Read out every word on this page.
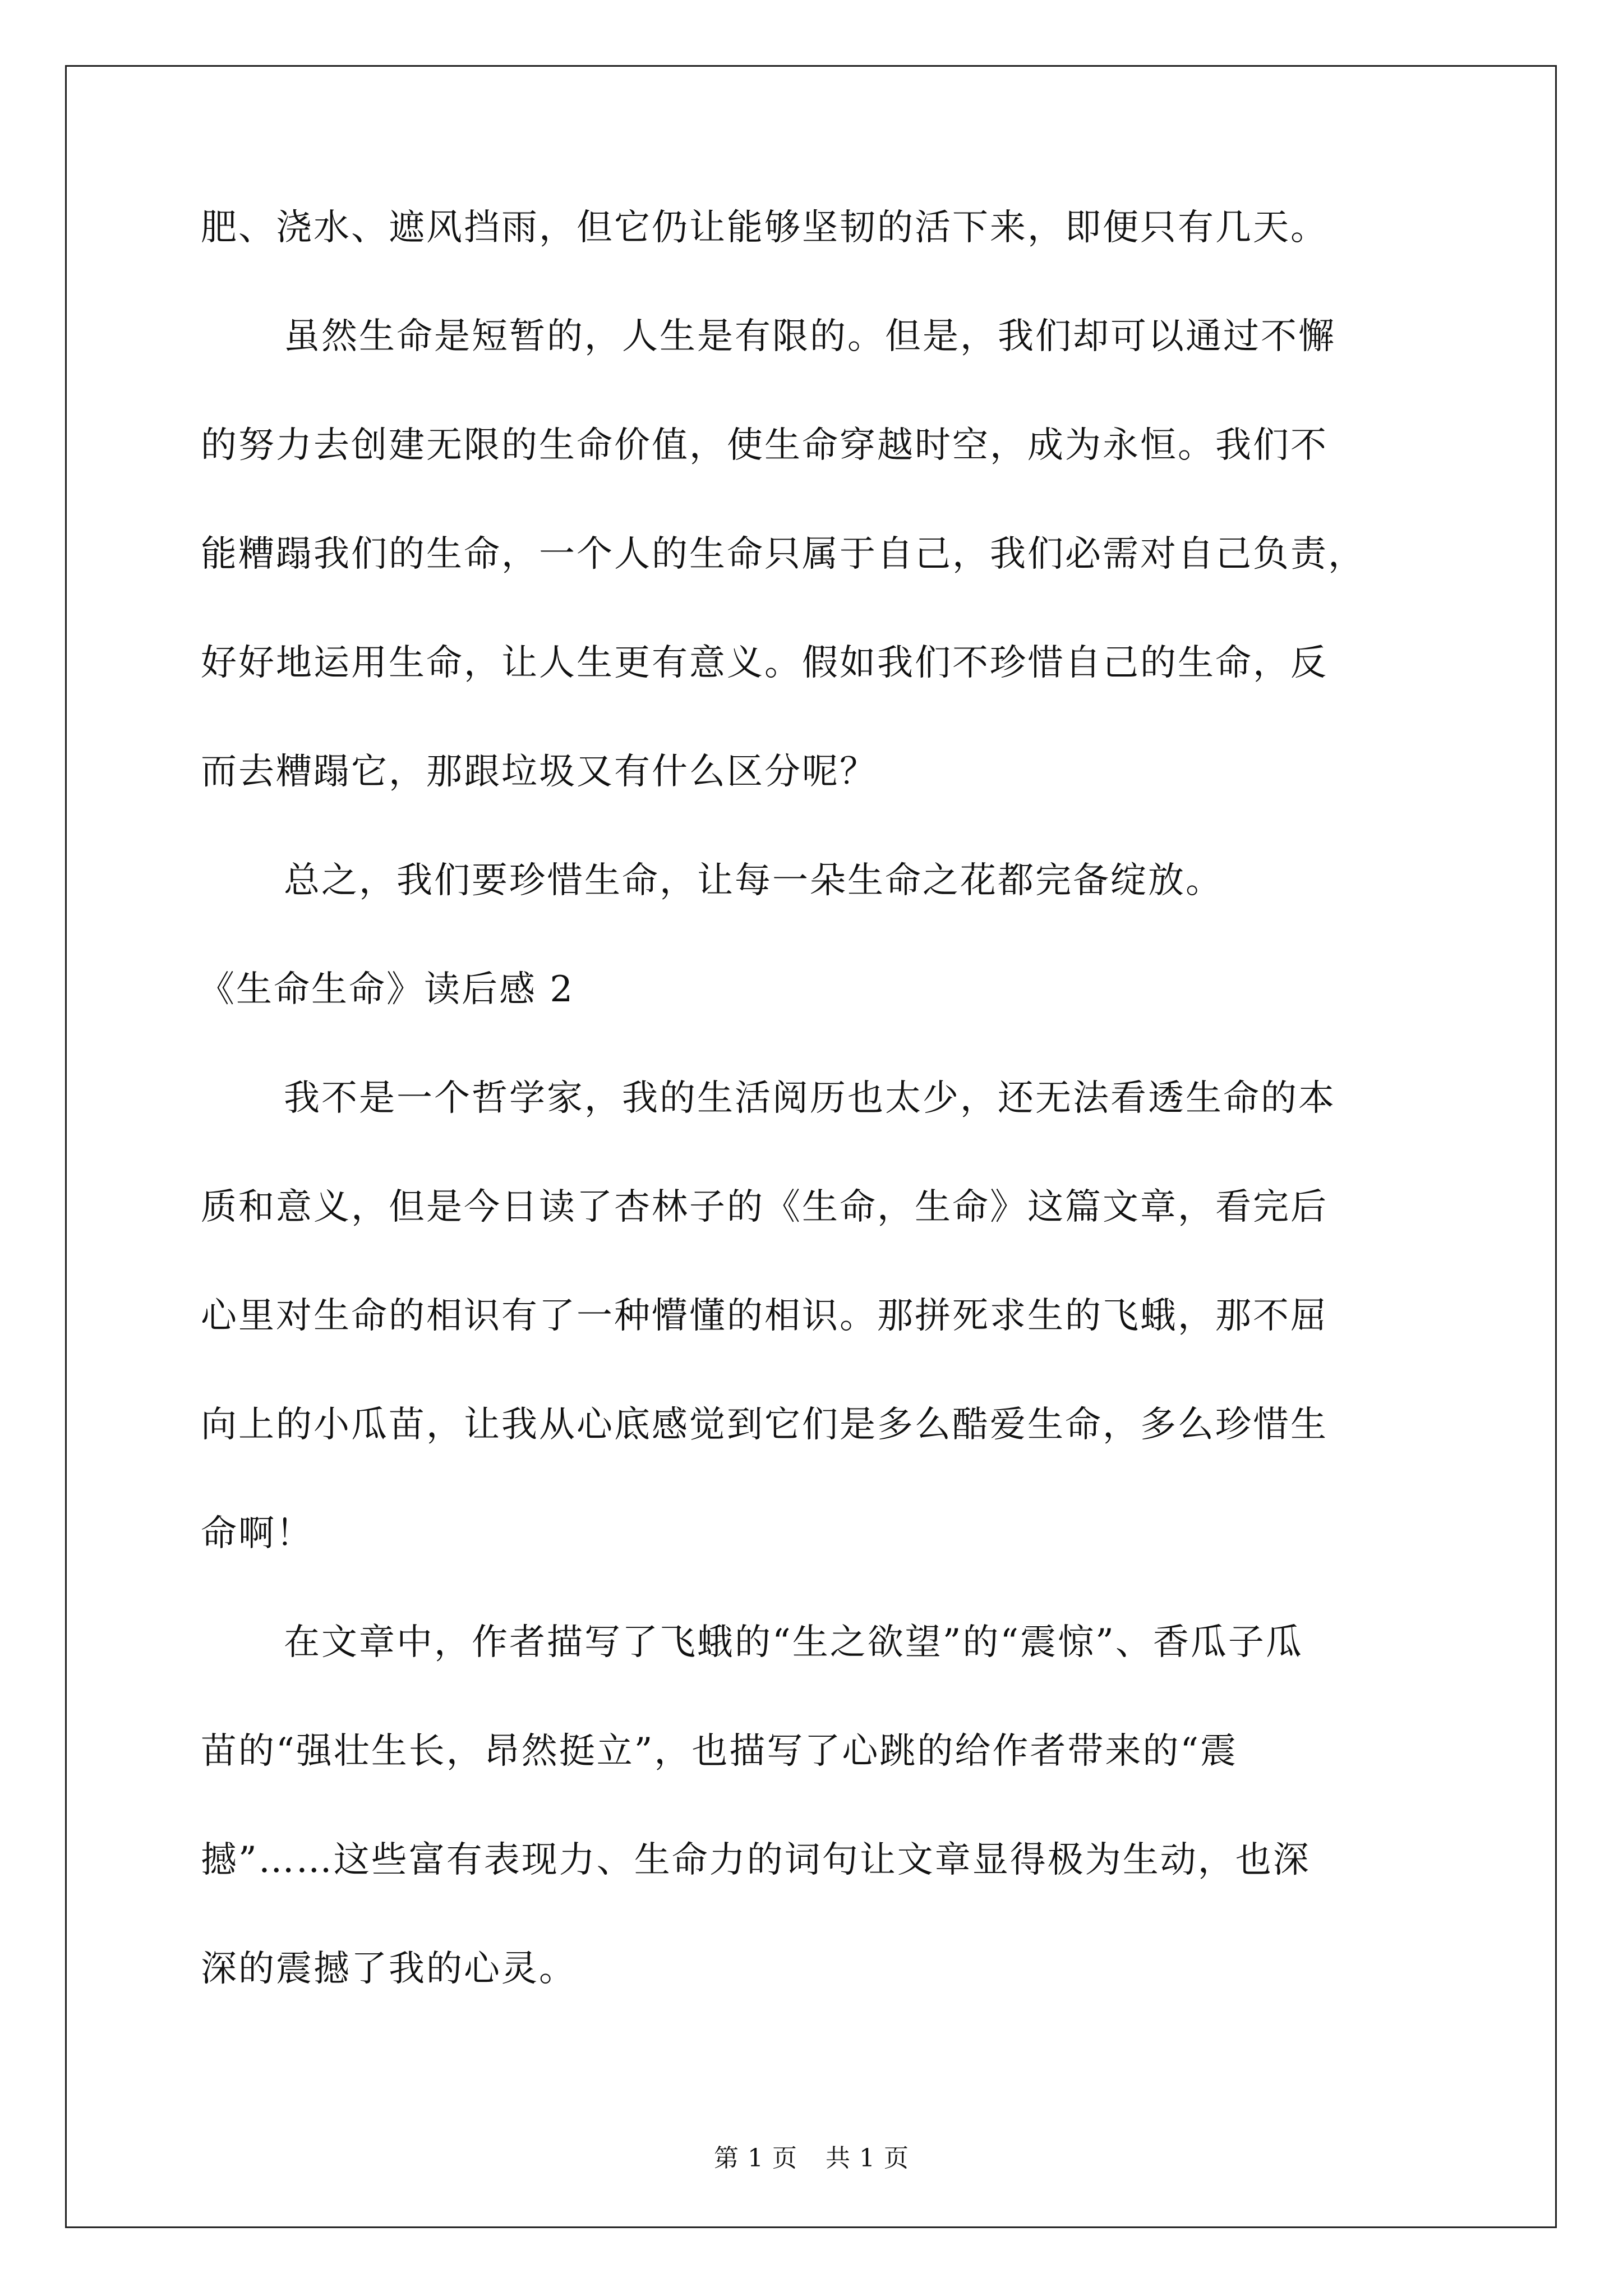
肥、浇水、遮风挡雨，但它仍让能够坚韧的活下来，即便只有几天。
虽然生命是短暂的，人生是有限的。但是，我们却可以通过不懈
的努力去创建无限的生命价值，使生命穿越时空，成为永恒。我们不
能糟蹋我们的生命，一个人的生命只属于自己，我们必需对自己负责，
好好地运用生命，让人生更有意义。假如我们不珍惜自己的生命，反
而去糟蹋它，那跟垃圾又有什么区分呢？
总之，我们要珍惜生命，让每一朵生命之花都完备绽放。
《生命生命》读后感 2
我不是一个哲学家，我的生活阅历也太少，还无法看透生命的本
质和意义，但是今日读了杏林子的《生命，生命》这篇文章，看完后
心里对生命的相识有了一种懵懂的相识。那拼死求生的飞蛾，那不屈
向上的小瓜苗，让我从心底感觉到它们是多么酷爱生命，多么珍惜生
命啊！
在文章中，作者描写了飞蛾的“生之欲望”的“震惊”、香瓜子瓜
苗的“强壮生长，昂然挺立”，也描写了心跳的给作者带来的“震
撼”……这些富有表现力、生命力的词句让文章显得极为生动，也深
深的震撼了我的心灵。
第 1 页 共 1 页
